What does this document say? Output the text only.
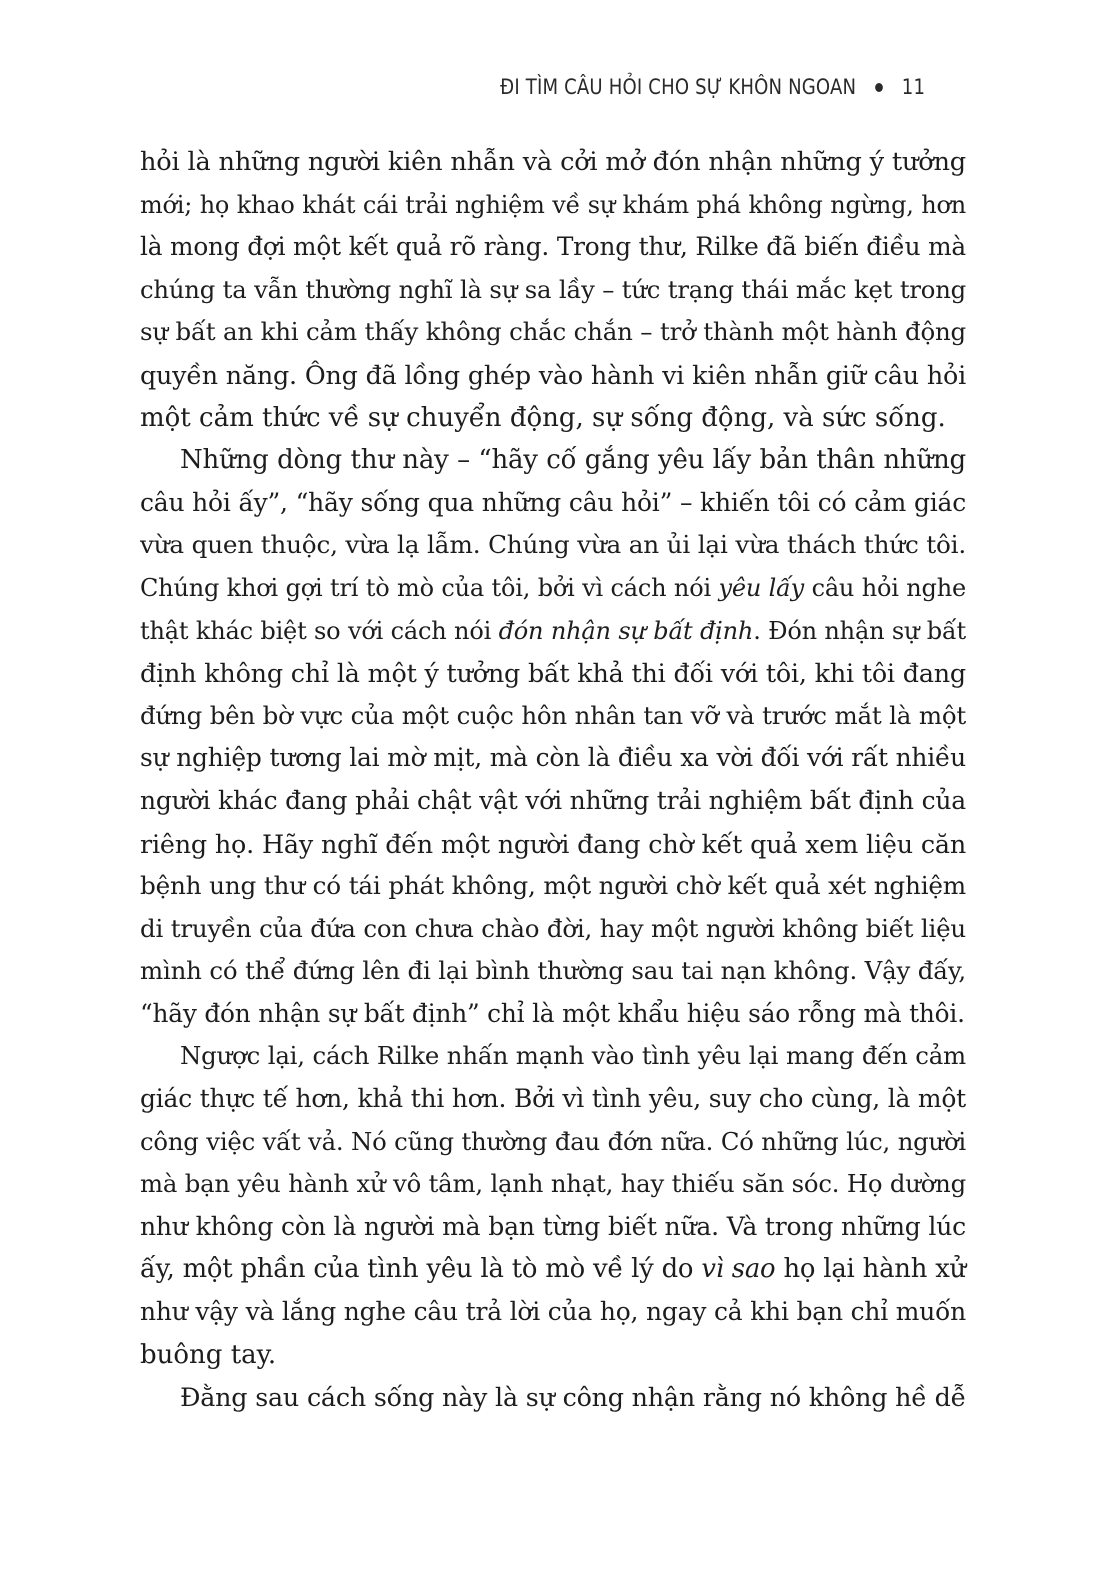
ĐI TÌM CÂU HỎI CHO SỰ KHÔN NGOAN 11
hỏi là những người kiên nhẫn và cởi mở đón nhận những ý tưởng
mới; họ khao khát cái trải nghiệm về sự khám phá không ngừng, hơn
là mong đợi một kết quả rõ ràng. Trong thư, Rilke đã biến điều mà
chúng ta vẫn thường nghĩ là sự sa lầy – tức trạng thái mắc kẹt trong
sự bất an khi cảm thấy không chắc chắn – trở thành một hành động
quyền năng. Ông đã lồng ghép vào hành vi kiên nhẫn giữ câu hỏi
một cảm thức về sự chuyển động, sự sống động, và sức sống.
Những dòng thư này – “hãy cố gắng yêu lấy bản thân những
câu hỏi ấy”, “hãy sống qua những câu hỏi” – khiến tôi có cảm giác
vừa quen thuộc, vừa lạ lẫm. Chúng vừa an ủi lại vừa thách thức tôi.
Chúng khơi gợi trí tò mò của tôi, bởi vì cách nói yêu lấy câu hỏi nghe
thật khác biệt so với cách nói đón nhận sự bất định. Đón nhận sự bất
định không chỉ là một ý tưởng bất khả thi đối với tôi, khi tôi đang
đứng bên bờ vực của một cuộc hôn nhân tan vỡ và trước mắt là một
sự nghiệp tương lai mờ mịt, mà còn là điều xa vời đối với rất nhiều
người khác đang phải chật vật với những trải nghiệm bất định của
riêng họ. Hãy nghĩ đến một người đang chờ kết quả xem liệu căn
bệnh ung thư có tái phát không, một người chờ kết quả xét nghiệm
di truyền của đứa con chưa chào đời, hay một người không biết liệu
mình có thể đứng lên đi lại bình thường sau tai nạn không. Vậy đấy,
“hãy đón nhận sự bất định” chỉ là một khẩu hiệu sáo rỗng mà thôi.
Ngược lại, cách Rilke nhấn mạnh vào tình yêu lại mang đến cảm
giác thực tế hơn, khả thi hơn. Bởi vì tình yêu, suy cho cùng, là một
công việc vất vả. Nó cũng thường đau đớn nữa. Có những lúc, người
mà bạn yêu hành xử vô tâm, lạnh nhạt, hay thiếu săn sóc. Họ dường
như không còn là người mà bạn từng biết nữa. Và trong những lúc
ấy, một phần của tình yêu là tò mò về lý do vì sao họ lại hành xử
như vậy và lắng nghe câu trả lời của họ, ngay cả khi bạn chỉ muốn
buông tay.
Đằng sau cách sống này là sự công nhận rằng nó không hề dễ
